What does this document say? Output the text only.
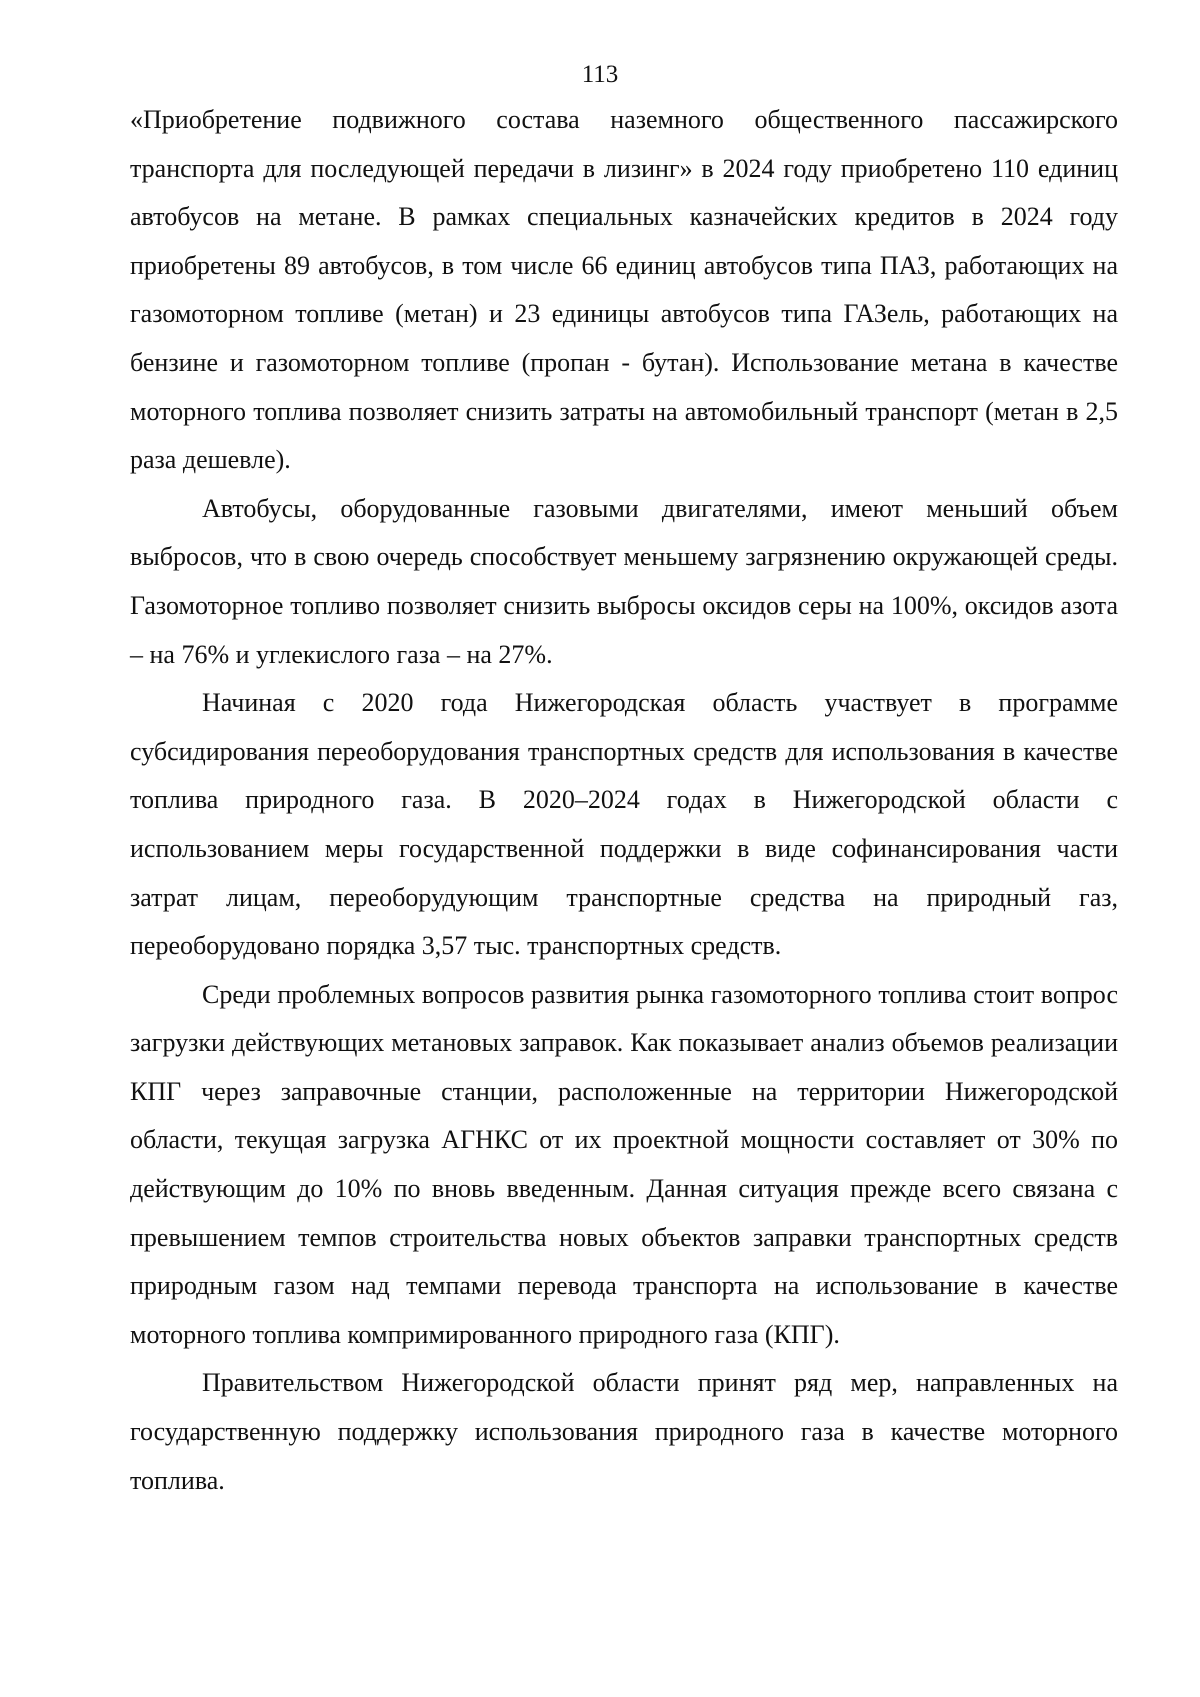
113

«Приобретение подвижного состава наземного общественного пассажирского транспорта для последующей передачи в лизинг» в 2024 году приобретено 110 единиц автобусов на метане. В рамках специальных казначейских кредитов в 2024 году приобретены 89 автобусов, в том числе 66 единиц автобусов типа ПАЗ, работающих на газомоторном топливе (метан) и 23 единицы автобусов типа ГАЗель, работающих на бензине и газомоторном топливе (пропан - бутан). Использование метана в качестве моторного топлива позволяет снизить затраты на автомобильный транспорт (метан в 2,5 раза дешевле).

Автобусы, оборудованные газовыми двигателями, имеют меньший объем выбросов, что в свою очередь способствует меньшему загрязнению окружающей среды. Газомоторное топливо позволяет снизить выбросы оксидов серы на 100%, оксидов азота – на 76% и углекислого газа – на 27%.

Начиная с 2020 года Нижегородская область участвует в программе субсидирования переоборудования транспортных средств для использования в качестве топлива природного газа. В 2020–2024 годах в Нижегородской области с использованием меры государственной поддержки в виде софинансирования части затрат лицам, переоборудующим транспортные средства на природный газ, переоборудовано порядка 3,57 тыс. транспортных средств.

Среди проблемных вопросов развития рынка газомоторного топлива стоит вопрос загрузки действующих метановых заправок. Как показывает анализ объемов реализации КПГ через заправочные станции, расположенные на территории Нижегородской области, текущая загрузка АГНКС от их проектной мощности составляет от 30% по действующим до 10% по вновь введенным. Данная ситуация прежде всего связана с превышением темпов строительства новых объектов заправки транспортных средств природным газом над темпами перевода транспорта на использование в качестве моторного топлива компримированного природного газа (КПГ).

Правительством Нижегородской области принят ряд мер, направленных на государственную поддержку использования природного газа в качестве моторного топлива.
